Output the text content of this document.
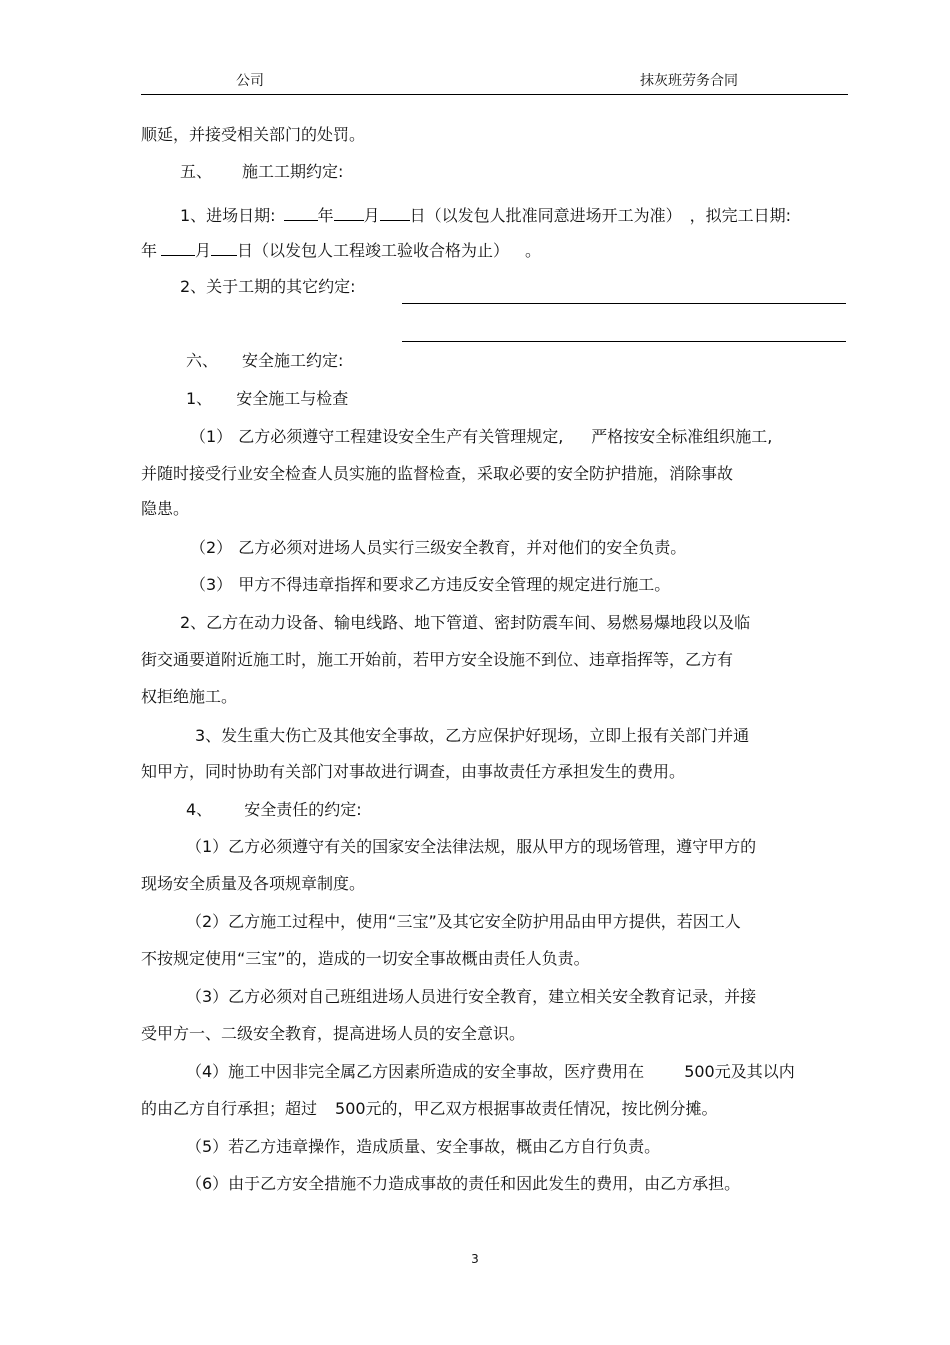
公司	抹灰班劳务合同
顺延，并接受相关部门的处罚。
五、 施工工期约定:
1、进场日期:	年 月 日（以发包人批准同意进场开工为准） ，拟完工日期:
年 月 日（以发包人工程竣工验收合格为止） 。
2、关于工期的其它约定:
六、 安全施工约定:
1、 安全施工与检查
（1） 乙方必须遵守工程建设安全生产有关管理规定, 严格按安全标准组织施工,
并随时接受行业安全检查人员实施的监督检查，采取必要的安全防护措施，消除事故
隐患。
（2） 乙方必须对进场人员实行三级安全教育，并对他们的安全负责。
（3） 甲方不得违章指挥和要求乙方违反安全管理的规定进行施工。
2、乙方在动力设备、输电线路、地下管道、密封防震车间、易燃易爆地段以及临
街交通要道附近施工时，施工开始前，若甲方安全设施不到位、违章指挥等，乙方有
权拒绝施工。
3、发生重大伤亡及其他安全事故，乙方应保护好现场，立即上报有关部门并通
知甲方，同时协助有关部门对事故进行调查，由事故责任方承担发生的费用。
4、 安全责任的约定:
（1）乙方必须遵守有关的国家安全法律法规，服从甲方的现场管理，遵守甲方的
现场安全质量及各项规章制度。
（2）乙方施工过程中，使用“三宝”及其它安全防护用品由甲方提供，若因工人
不按规定使用“三宝”的，造成的一切安全事故概由责任人负责。
（3）乙方必须对自己班组进场人员进行安全教育，建立相关安全教育记录，并接
受甲方一、二级安全教育，提高进场人员的安全意识。
（4）施工中因非完全属乙方因素所造成的安全事故，医疗费用在	500元及其以内
的由乙方自行承担；超过 500元的，甲乙双方根据事故责任情况，按比例分摊。
（5）若乙方违章操作，造成质量、安全事故，概由乙方自行负责。
（6）由于乙方安全措施不力造成事故的责任和因此发生的费用，由乙方承担。
3
